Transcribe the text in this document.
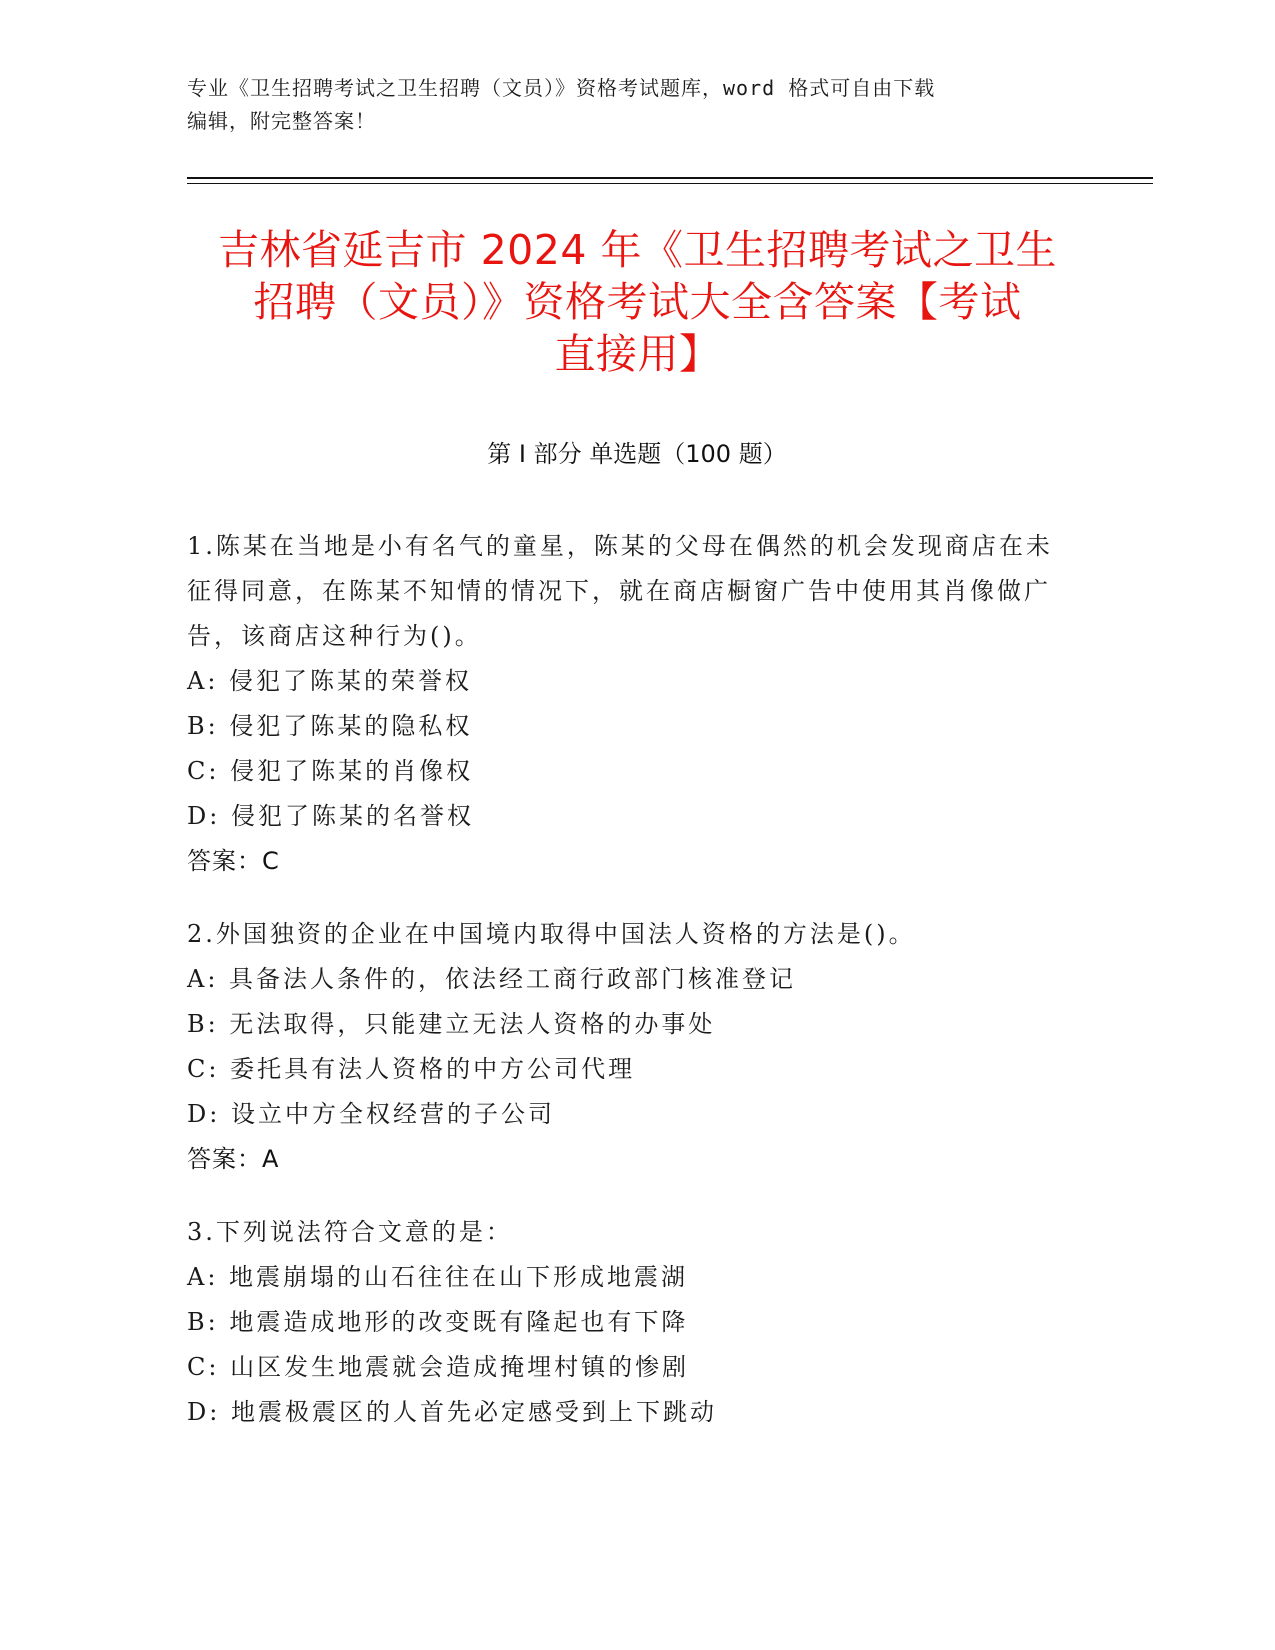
专业《卫生招聘考试之卫生招聘（文员）》资格考试题库，word 格式可自由下载
编辑，附完整答案！
吉林省延吉市 2024 年《卫生招聘考试之卫生
招聘（文员）》资格考试大全含答案【考试
直接用】
第 I 部分 单选题（100 题）
1.陈某在当地是小有名气的童星，陈某的父母在偶然的机会发现商店在未征得同意，在陈某不知情的情况下，就在商店橱窗广告中使用其肖像做广告，该商店这种行为()。
A: 侵犯了陈某的荣誉权
B: 侵犯了陈某的隐私权
C: 侵犯了陈某的肖像权
D: 侵犯了陈某的名誉权
答案：C
2.外国独资的企业在中国境内取得中国法人资格的方法是()。
A: 具备法人条件的，依法经工商行政部门核准登记
B: 无法取得，只能建立无法人资格的办事处
C: 委托具有法人资格的中方公司代理
D: 设立中方全权经营的子公司
答案：A
3.下列说法符合文意的是：
A: 地震崩塌的山石往往在山下形成地震湖
B: 地震造成地形的改变既有隆起也有下降
C: 山区发生地震就会造成掩埋村镇的惨剧
D: 地震极震区的人首先必定感受到上下跳动
